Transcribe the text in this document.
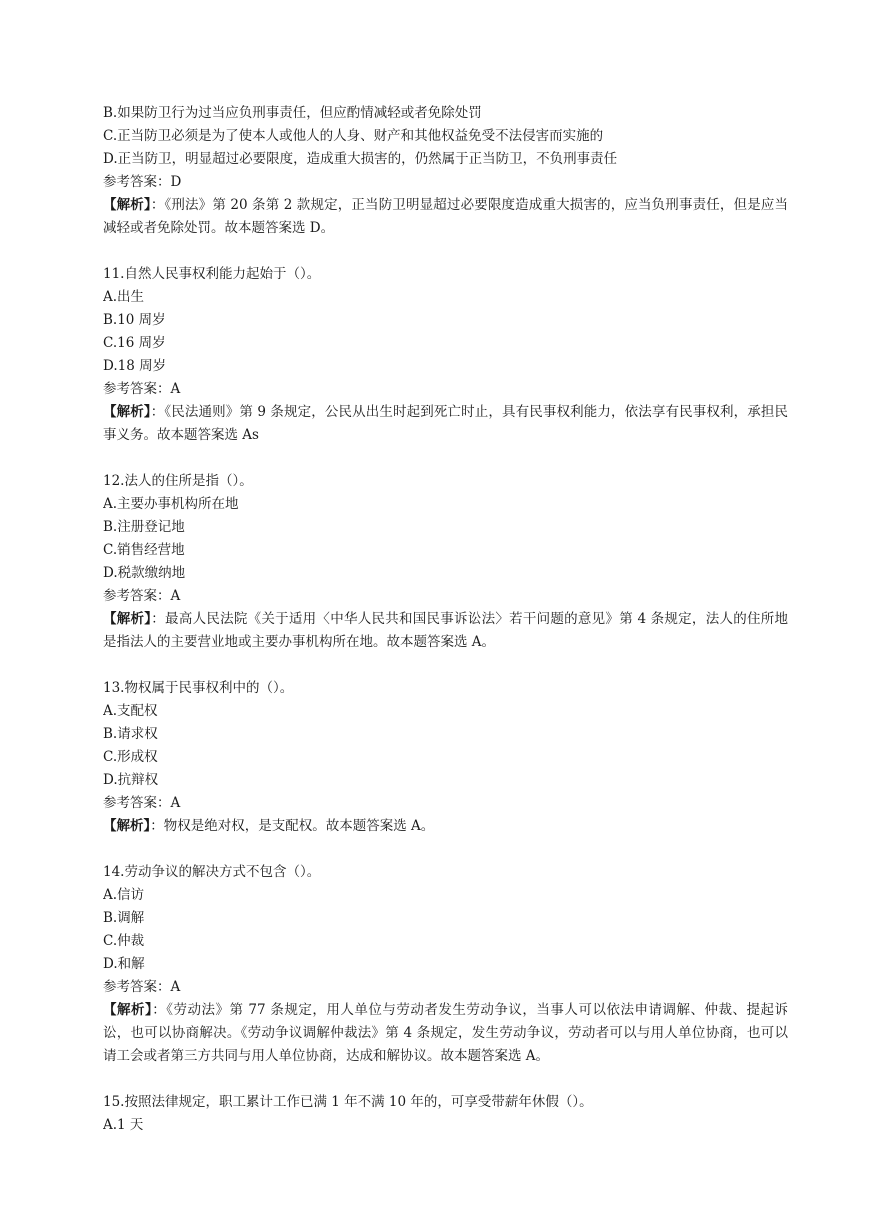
B.如果防卫行为过当应负刑事责任，但应酌情减轻或者免除处罚
C.正当防卫必须是为了使本人或他人的人身、财产和其他权益免受不法侵害而实施的
D.正当防卫，明显超过必要限度，造成重大损害的，仍然属于正当防卫，不负刑事责任
参考答案：D
【解析】：《刑法》第 20 条第 2 款规定，正当防卫明显超过必要限度造成重大损害的，应当负刑事责任，但是应当减轻或者免除处罚。故本题答案选 D。
11.自然人民事权利能力起始于（）。
A.出生
B.10 周岁
C.16 周岁
D.18 周岁
参考答案：A
【解析】：《民法通则》第 9 条规定，公民从出生时起到死亡时止，具有民事权利能力，依法享有民事权利，承担民事义务。故本题答案选 As
12.法人的住所是指（）。
A.主要办事机构所在地
B.注册登记地
C.销售经营地
D.税款缴纳地
参考答案：A
【解析】：最高人民法院《关于适用〈中华人民共和国民事诉讼法〉若干问题的意见》第 4 条规定，法人的住所地是指法人的主要营业地或主要办事机构所在地。故本题答案选 A。
13.物权属于民事权利中的（）。
A.支配权
B.请求权
C.形成权
D.抗辩权
参考答案：A
【解析】：物权是绝对权，是支配权。故本题答案选 A。
14.劳动争议的解决方式不包含（）。
A.信访
B.调解
C.仲裁
D.和解
参考答案：A
【解析】：《劳动法》第 77 条规定，用人单位与劳动者发生劳动争议，当事人可以依法申请调解、仲裁、提起诉讼，也可以协商解决。《劳动争议调解仲裁法》第 4 条规定，发生劳动争议，劳动者可以与用人单位协商，也可以请工会或者第三方共同与用人单位协商，达成和解协议。故本题答案选 A。
15.按照法律规定，职工累计工作已满 1 年不满 10 年的，可享受带薪年休假（）。
A.1 天
